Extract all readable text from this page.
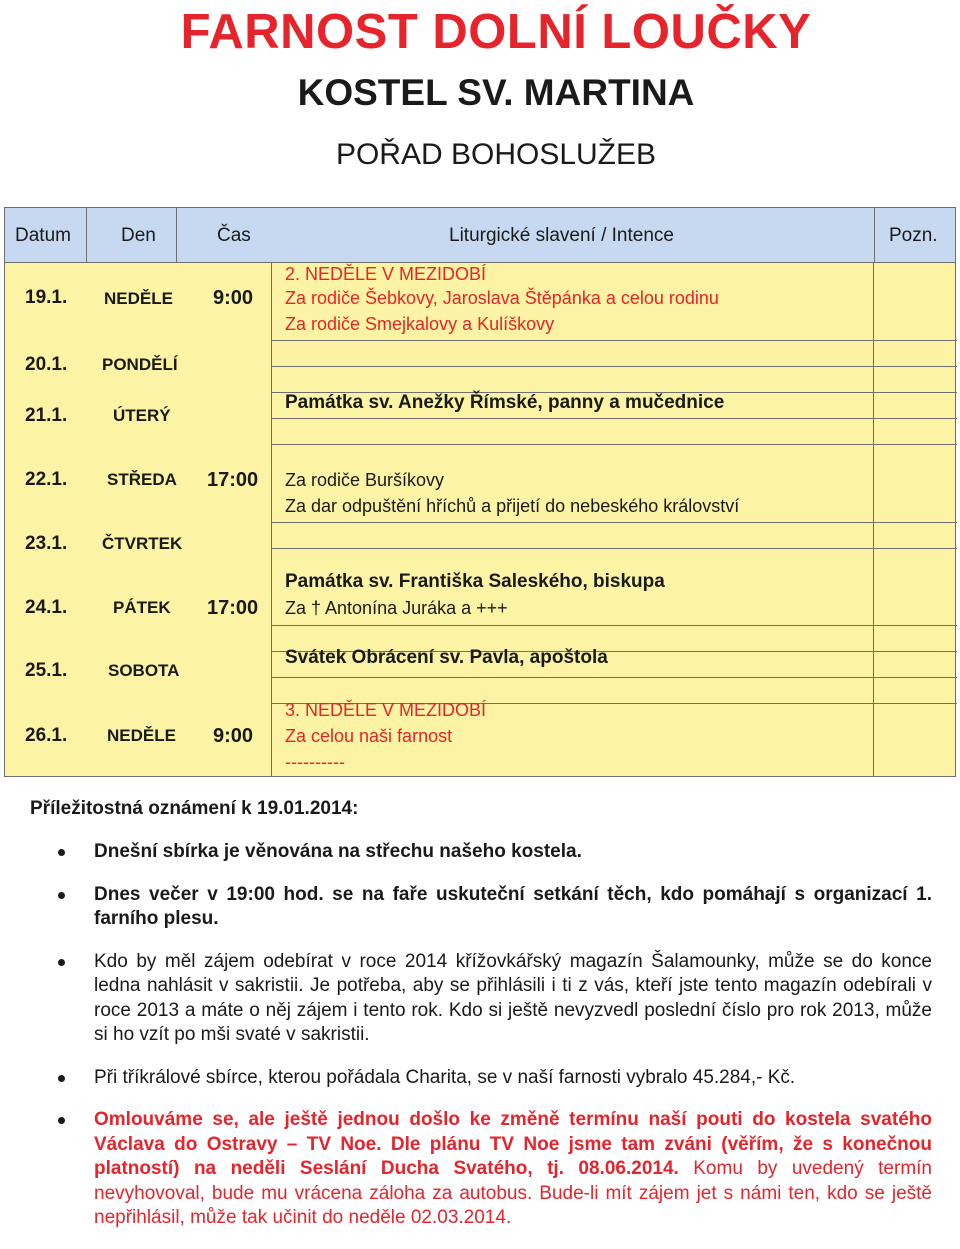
FARNOST DOLNÍ LOUČKY
KOSTEL SV. MARTINA
POŘAD BOHOSLUŽEB
Datum	Den	Čas	Liturgické slavení / Intence	Pozn.
19.1. NEDĚLE 9:00
2. NEDĚLE V MEZIDOBÍ
Za rodiče Šebkovy, Jaroslava Štěpánka a celou rodinu
Za rodiče Smejkalovy a Kulíškovy
20.1. PONDĚLÍ
21.1.	ÚTERÝ
Památka sv. Anežky Římské, panny a mučednice
22.1. STŘEDA 17:00 Za rodiče Buršíkovy
Za dar odpuštění hříchů a přijetí do nebeského království
23.1. ČTVRTEK
24.1.	PÁTEK 17:00
Památka sv. Františka Saleského, biskupa
Za † Antonína Juráka a +++
25.1. SOBOTA
Svátek Obrácení sv. Pavla, apoštola
26.1. NEDĚLE 9:00
3. NEDĚLE V MEZIDOBÍ
Za celou naši farnost
----------
Příležitostná oznámení k 19.01.2014:
Dnešní sbírka je věnována na střechu našeho kostela.
Dnes večer v 19:00 hod. se na faře uskuteční setkání těch, kdo pomáhají s organizací 1. farního plesu.
Kdo by měl zájem odebírat v roce 2014 křížovkářský magazín Šalamounky, může se do konce ledna nahlásit v sakristii. Je potřeba, aby se přihlásili i ti z vás, kteří jste tento magazín odebírali v roce 2013 a máte o něj zájem i tento rok. Kdo si ještě nevyzvedl poslední číslo pro rok 2013, může si ho vzít po mši svaté v sakristii.
Při tříkrálové sbírce, kterou pořádala Charita, se v naší farnosti vybralo 45.284,- Kč.
Omlouváme se, ale ještě jednou došlo ke změně termínu naší pouti do kostela svatého Václava do Ostravy – TV Noe. Dle plánu TV Noe jsme tam zváni (věřím, že s konečnou platností) na neděli Seslání Ducha Svatého, tj. 08.06.2014. Komu by uvedený termín nevyhovoval, bude mu vrácena záloha za autobus. Bude-li mít zájem jet s námi ten, kdo se ještě nepřihlásil, může tak učinit do neděle 02.03.2014.
